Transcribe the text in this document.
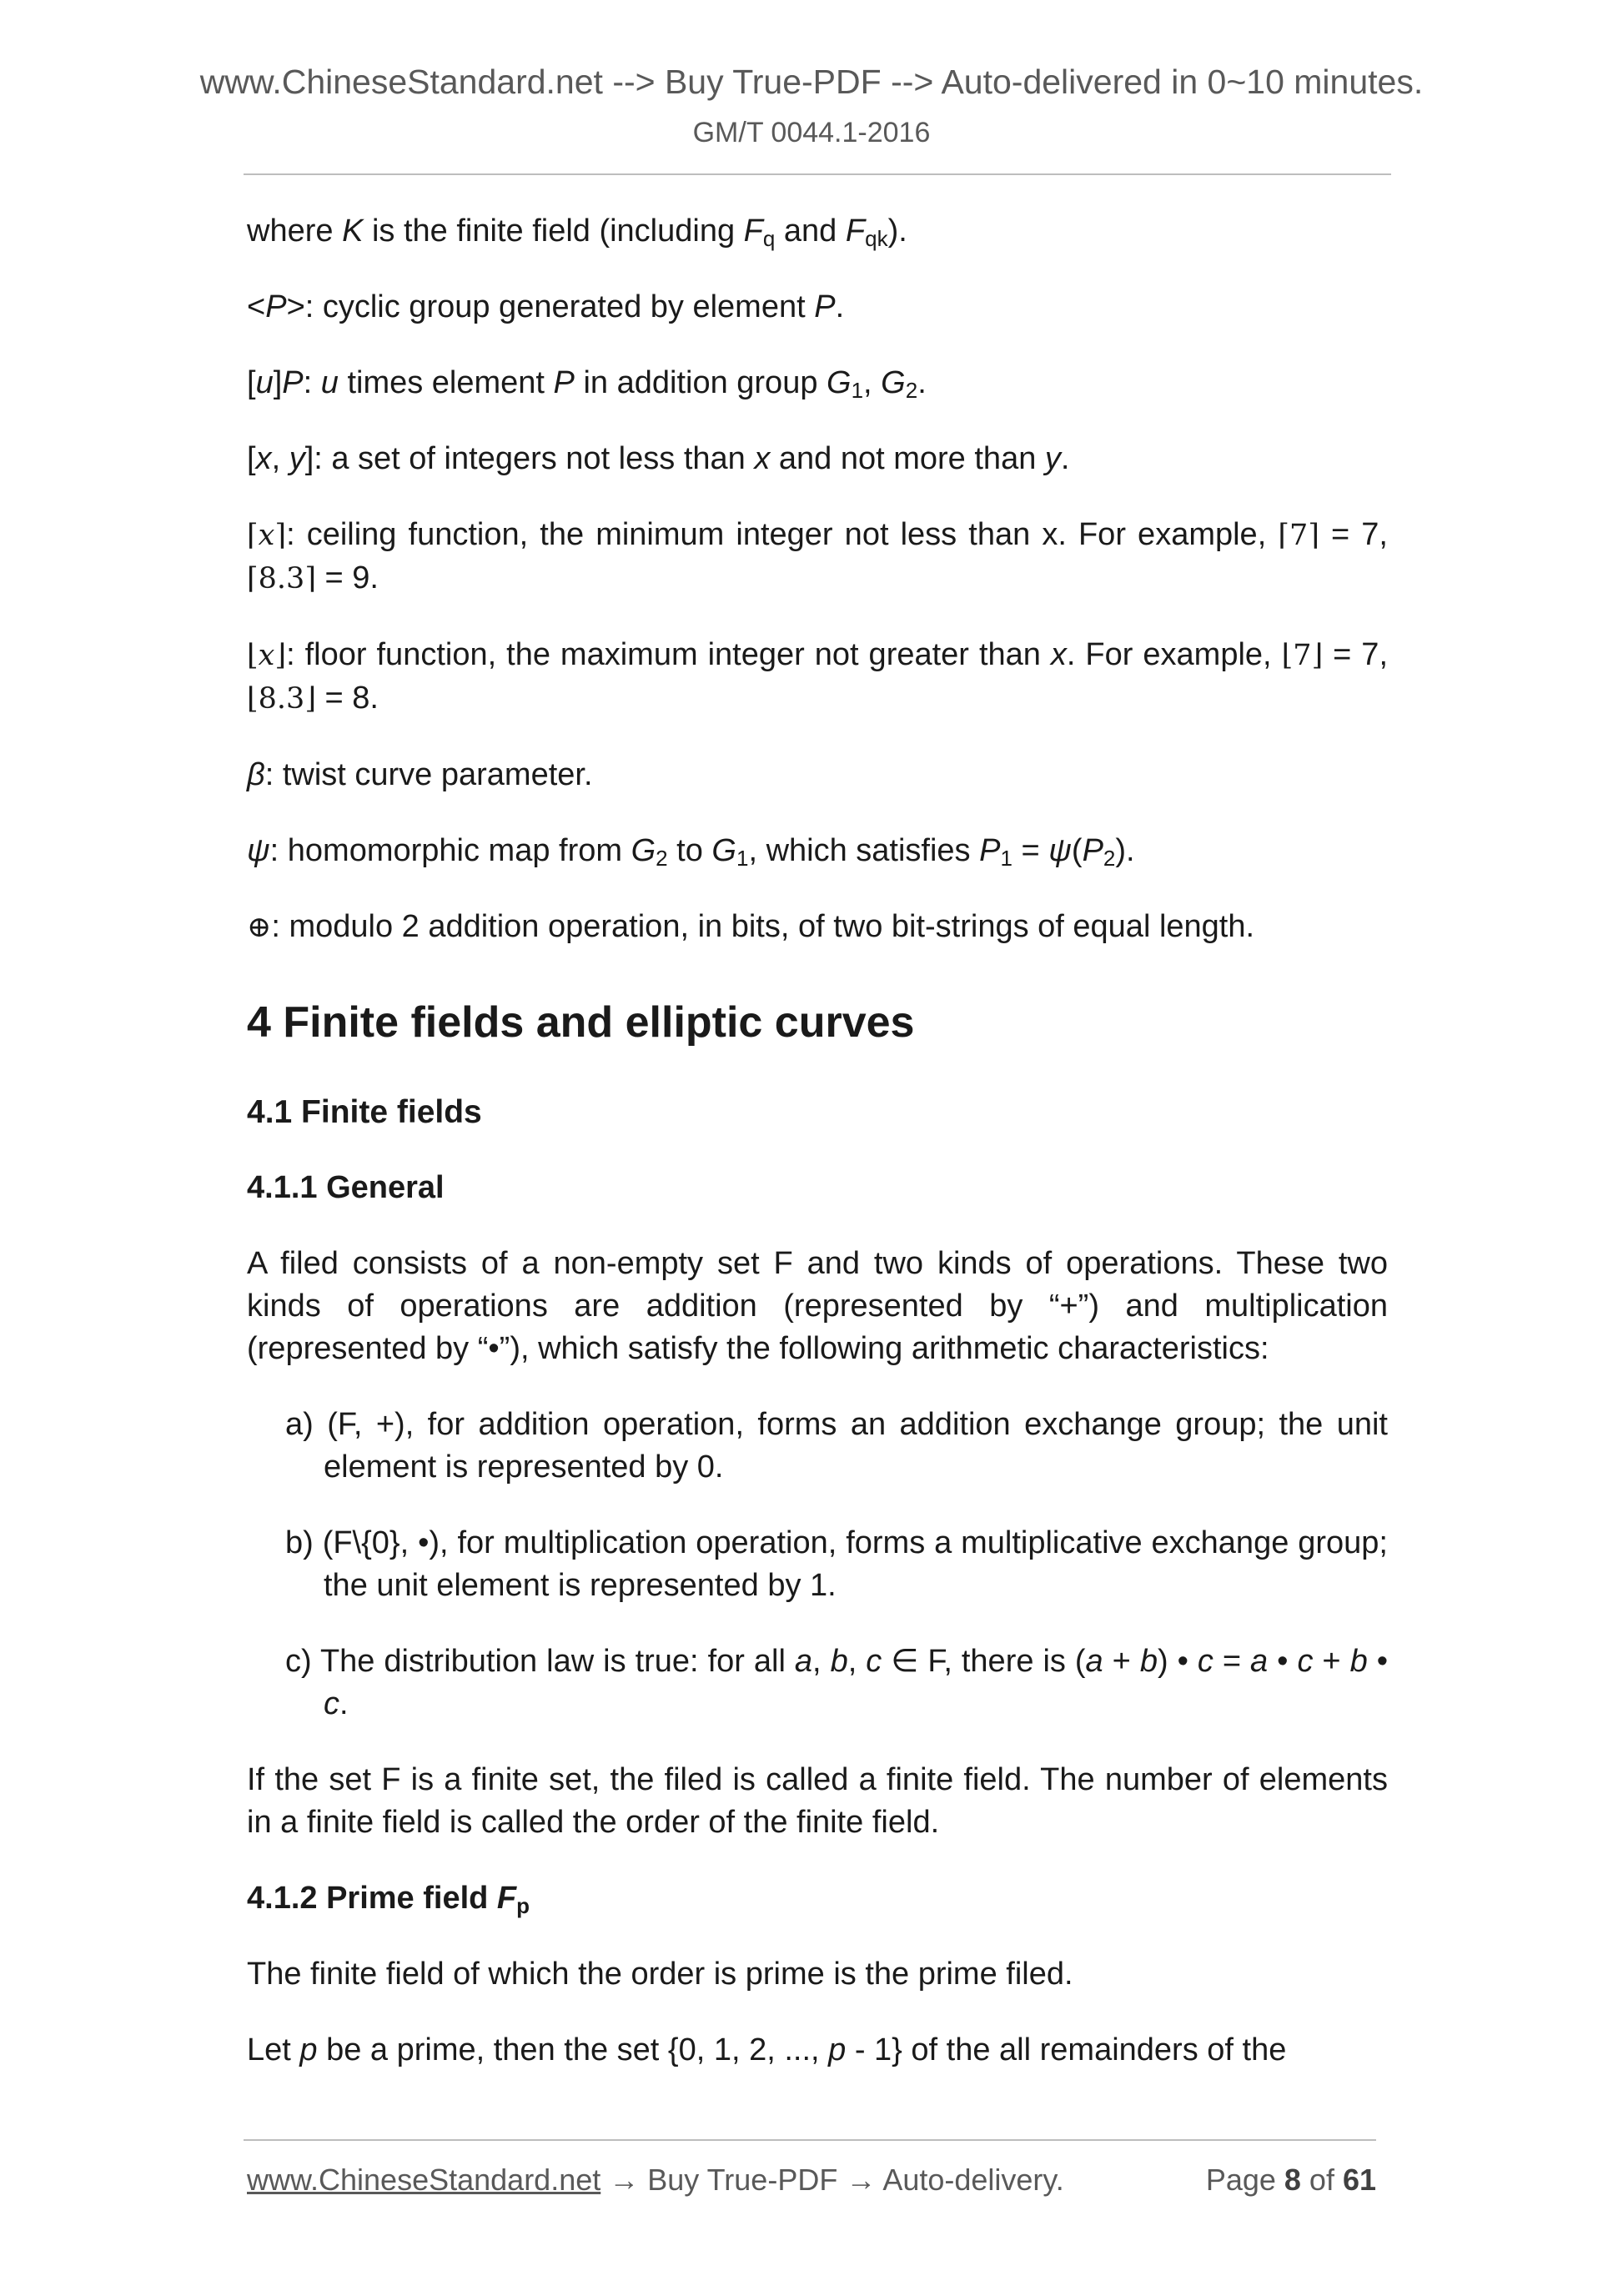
www.ChineseStandard.net --> Buy True-PDF --> Auto-delivered in 0~10 minutes.
GM/T 0044.1-2016

where K is the finite field (including $F_q$ and $F_{qk}$).

<P>: cyclic group generated by element P.

[u]P: u times element P in addition group $G_1$, $G_2$.

[x, y]: a set of integers not less than x and not more than y.

⌈𝑥⌉: ceiling function, the minimum integer not less than x. For example, ⌈7⌉ = 7, ⌈8.3⌉ = 9.

⌊𝑥⌋: floor function, the maximum integer not greater than x. For example, ⌊7⌋ = 7, ⌊8.3⌋ = 8.

β: twist curve parameter.

ψ: homomorphic map from $G_2$ to $G_1$, which satisfies $P_1 = \psi(P_2)$.

⊕: modulo 2 addition operation, in bits, of two bit-strings of equal length.

4 Finite fields and elliptic curves
4.1 Finite fields
4.1.1 General

A filed consists of a non-empty set F and two kinds of operations. These two kinds of operations are addition (represented by “+”) and multiplication (represented by “•”), which satisfy the following arithmetic characteristics:

a) (F, +), for addition operation, forms an addition exchange group; the unit element is represented by 0.
b) (F\{0}, •), for multiplication operation, forms a multiplicative exchange group; the unit element is represented by 1.
c) The distribution law is true: for all a, b, c ∈ F, there is (a + b) • c = a • c + b • c.

If the set F is a finite set, the filed is called a finite field. The number of elements in a finite field is called the order of the finite field.

4.1.2 Prime field $F_p$

The finite field of which the order is prime is the prime filed.

Let p be a prime, then the set {0, 1, 2, ..., p - 1} of the all remainders of the

www.ChineseStandard.net → Buy True-PDF → Auto-delivery.	Page 8 of 61
